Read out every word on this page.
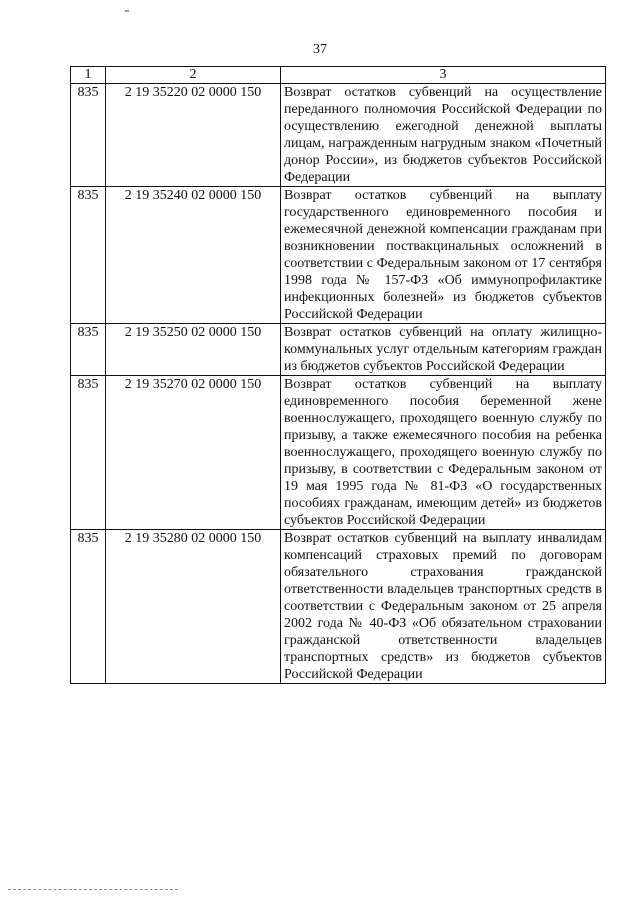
37
1	2	3
835	2 19 35220 02 0000 150	Возврат остатков субвенций на осуществление переданного полномочия Российской Федерации по осуществлению ежегодной денежной выплаты лицам, награжденным нагрудным знаком «Почетный донор России», из бюджетов субъектов Российской Федерации
835	2 19 35240 02 0000 150	Возврат остатков субвенций на выплату государственного единовременного пособия и ежемесячной денежной компенсации гражданам при возникновении поствакцинальных осложнений в соответствии с Федеральным законом от 17 сентября 1998 года № 157-ФЗ «Об иммунопрофилактике инфекционных болезней» из бюджетов субъектов Российской Федерации
835	2 19 35250 02 0000 150	Возврат остатков субвенций на оплату жилищно-коммунальных услуг отдельным категориям граждан из бюджетов субъектов Российской Федерации
835	2 19 35270 02 0000 150	Возврат остатков субвенций на выплату единовременного пособия беременной жене военнослужащего, проходящего военную службу по призыву, а также ежемесячного пособия на ребенка военнослужащего, проходящего военную службу по призыву, в соответствии с Федеральным законом от 19 мая 1995 года № 81-ФЗ «О государственных пособиях гражданам, имеющим детей» из бюджетов субъектов Российской Федерации
835	2 19 35280 02 0000 150	Возврат остатков субвенций на выплату инвалидам компенсаций страховых премий по договорам обязательного страхования гражданской ответственности владельцев транспортных средств в соответствии с Федеральным законом от 25 апреля 2002 года № 40-ФЗ «Об обязательном страховании гражданской ответственности владельцев транспортных средств» из бюджетов субъектов Российской Федерации
